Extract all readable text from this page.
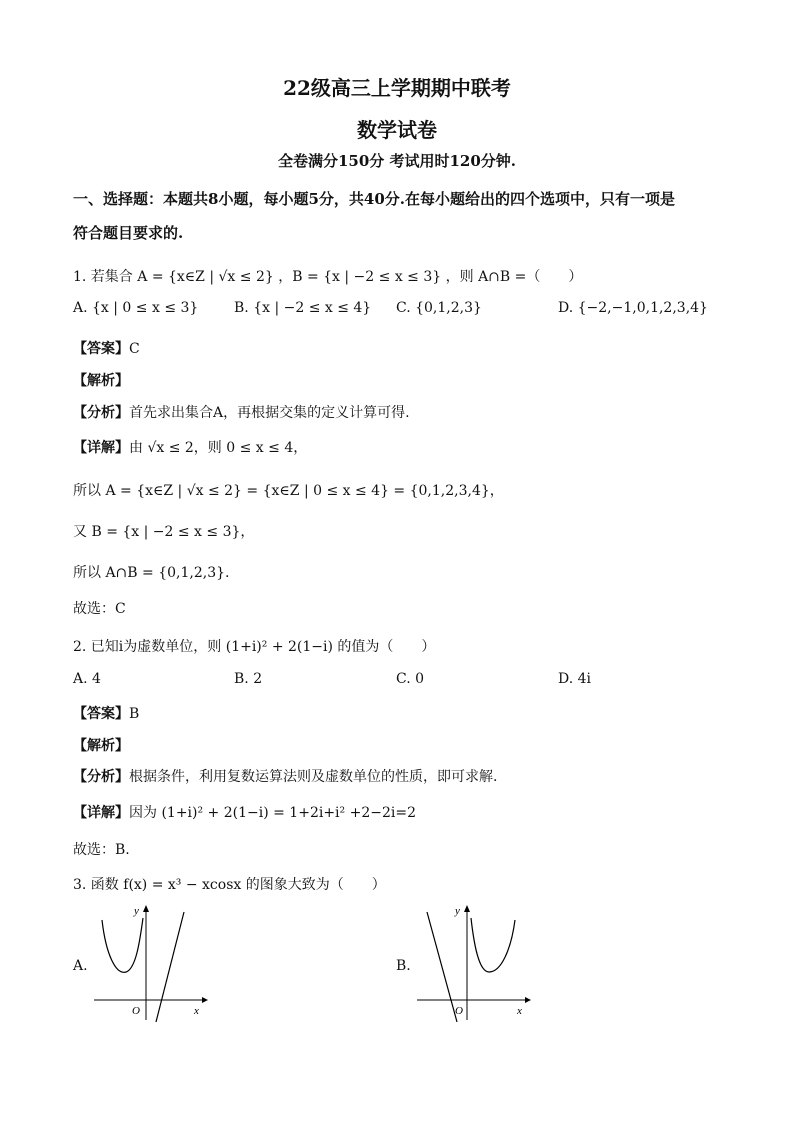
22级高三上学期期中联考
数学试卷
全卷满分150分 考试用时120分钟.
一、选择题：本题共8小题，每小题5分，共40分.在每小题给出的四个选项中，只有一项是
符合题目要求的.
1. 若集合 A = {x∈Z | √x ≤ 2} ，B = {x | −2 ≤ x ≤ 3} ，则 A∩B =（　　）
A. {x | 0 ≤ x ≤ 3}	B. {x | −2 ≤ x ≤ 4} C. {0,1,2,3}	D. {−2,−1,0,1,2,3,4}
【答案】C
【解析】
【分析】首先求出集合A，再根据交集的定义计算可得.
【详解】由 √x ≤ 2，则 0 ≤ x ≤ 4，
所以 A = {x∈Z | √x ≤ 2} = {x∈Z | 0 ≤ x ≤ 4} = {0,1,2,3,4}，
又 B = {x | −2 ≤ x ≤ 3}，
所以 A∩B = {0,1,2,3}.
故选：C
2. 已知i为虚数单位，则 (1+i)² + 2(1−i) 的值为（　　）
A. 4	B. 2	C. 0	D. 4i
【答案】B
【解析】
【分析】根据条件，利用复数运算法则及虚数单位的性质，即可求解.
【详解】因为 (1+i)² + 2(1−i) = 1+2i+i² +2−2i=2
故选：B.
3. 函数 f(x) = x³ − xcosx 的图象大致为（　　）
A.
y
x
O
B.
y
x
O
